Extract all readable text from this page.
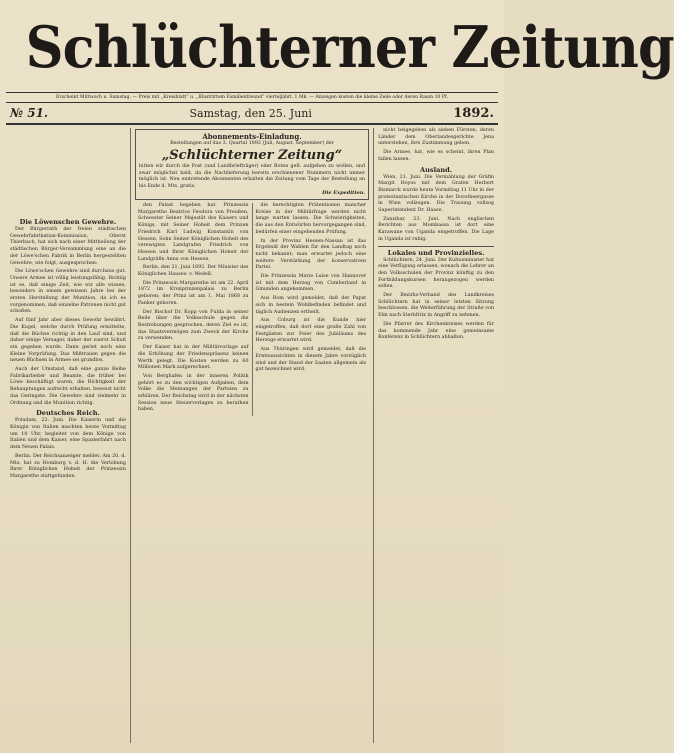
Schlüchterner Zeitung
Erscheint Mittwoch u. Samstag. — Preis mit „Kreisblatt“ u. „Illustrirtem Familienfreund“ vierteljährl. 1 Mk. — Anzeigen kosten die kleine Zeile oder deren Raum 10 Pf.
№ 51.	Samstag, den 25. Juni	1892.
Die Löwenschen Gewehre.

Der Bürgerrath der freien städtischen Gewehrfabrikation-Kommission, Oberst Thierbach, hat sich nach einer Mittheilung der städtischen Bürger-Versammlung eine an die der Löwe'schen Fabrik in Berlin hergestellten Gewehre, wie folgt, ausgesprochen:

Die Löwe'schen Gewehre sind durchaus gut. Unsere Armee ist völlig leistungsfähig. Richtig ist es, daß einige Zeit, wie wir alle wissen, besonders in einem gewissen Jahre bei der ersten Herstellung der Munition, da ich es vorgenommen, daß einzelne Patronen nicht gut schoßen.

Auf fünf Jahr aber dieses Gewehr bewährt. Die Kugel, welche durch Prüfung ermittelte, daß die Büchse richtig in den Lauf sind, und daher einige Versager, daher der zuerst Schuß ein gegeben wurde. Dann geriet noch eine Kleine Vorprüfung. Das Mißtrauen gegen die neuen Büchsen in Armee sei grundlos.

Auch der Umstand, daß eine ganze Reihe Fabrikarbeiter und Beamte, die früher bei Löwe beschäftigt waren, die Richtigkeit der Behauptungen aufrecht erhalten, beweist nicht das Geringste. Die Gewehre sind vielmehr in Ordnung und die Munition richtig.

Deutsches Reich.

Potsdam, 22. Juni. Die Kaiserin und die Königin von Italien machten heute Vormittag um 10 Uhr, begleitet von dem Könige von Italien und dem Kaiser, eine Spazierfahrt nach dem Neuen Palais.

Berlin. Der Reichsanzeiger meldet: Am 20. d. Mts. hat zu Homburg v. d. H. die Verlobung Ihrer Königlichen Hoheit der Prinzessin Margarethe stattgefunden.

Abonnements-Einladung.
Bestellungen auf das 3. Quartal 1892 (Juli, August, September) der
„Schlüchterner Zeitung“
bitten wir durch die Post (und Landbriefträger) oder Boten gefl. aufgeben zu wollen, und zwar möglichst bald, da die Nachlieferung bereits erschienener Nummern nicht immer möglich ist. Neu eintretende Abonnenten erhalten die Zeitung vom Tage der Bestellung an bis Ende d. Mts. gratis.
Die Expedition.

den Palast begeben hat. Prinzessin Margarethe Beatrice Feodora von Preußen, Schwester Seiner Majestät des Kaisers und Königs, mit Seiner Hoheit dem Prinzen Friedrich Karl Ludwig Konstantin von Hessen, Sohn Seiner Königlichen Hoheit des verewigten Landgrafen Friedrich von Hessen und Ihrer Königlichen Hoheit der Landgräfin Anna von Hessen.

Berlin, den 21. Juni 1892. Der Minister des Königlichen Hauses: v. Wedell.

Die Prinzessin Margarethe ist am 22. April 1872 im Kronprinzenpalais zu Berlin geboren; der Prinz ist am 1. Mai 1868 zu Panker geboren.

Der Bischof Dr. Kopp von Fulda in seiner Rede über die Volksschule gegen die Bestrebungen gesprochen, deren Ziel es ist, das Staatsvermögen zum Zweck der Kirche zu verwenden.

Der Kaiser hat in der Militärvorlage auf die Erhöhung der Friedenspräsenz keinen Werth gelegt. Die Kosten werden zu 60 Millionen Mark aufgerechnet.

Von Berghafen in der inneren Politik gehört es zu den wichtigen Aufgaben, dem Volke die Meinungen der Parteien zu erklären. Der Reichstag wird in der nächsten Session neue Steuervorlagen zu berathen haben.

die berechtigten Prätentionen mancher Kreise in der Militärfrage werden nicht lange warten lassen. Die Schwierigkeiten, die aus den Entwürfen hervorgegangen sind, bedürfen einer eingehenden Prüfung.

In der Provinz Hessen-Nassau ist das Ergebniß der Wahlen für den Landtag noch nicht bekannt; man erwartet jedoch eine weitere Verstärkung der konservativen Partei.

Die Prinzessin Marie Luise von Hannover ist mit dem Herzog von Cumberland in Gmunden angekommen.

Aus Rom wird gemeldet, daß der Papst sich in bestem Wohlbefinden befindet und täglich Audienzen ertheilt.

Aus Coburg ist die Kunde hier eingetroffen, daß dort eine große Zahl von Festgästen zur Feier des Jubiläums des Herzogs erwartet wird.

Aus Thüringen wird gemeldet, daß die Ernteaussichten in diesem Jahre vorzüglich sind und der Stand der Saaten allgemein als gut bezeichnet wird.

nicht beigegeben als sieben Fürsten, deren Länder dem Oberlandesgerichte Jena unterstehen, ihre Zustimmung geben.

Die Armee, hat, wie es scheint, ihren Plan fallen lassen.

Ausland.

Wien, 21. Juni. Die Vermählung der Gräfin Margit Hoyos mit dem Grafen Herbert Bismarck wurde heute Vormittag 11 Uhr in der protestantischen Kirche in der Dorotheergasse in Wien vollzogen. Die Trauung vollzog Superintendent Dr. Haase.

Zanzibar, 23. Juni. Nach englischen Berichten aus Mombassa ist dort eine Karawane von Uganda eingetroffen. Die Lage in Uganda ist ruhig.

Lokales und Provinzielles.

Schlüchtern, 24. Juni. Der Kultusminister hat eine Verfügung erlassen, wonach die Lehrer an den Volksschulen der Provinz künftig zu den Fortbildungskursen herangezogen werden sollen.

Der Bezirks-Verband des Landkreises Schlüchtern hat in seiner letzten Sitzung beschlossen, die Weiterführung der Straße von Elm nach Sterbfritz in Angriff zu nehmen.

Die Pfarrer des Kirchenkreises werden für das kommende Jahr eine gemeinsame Konferenz in Schlüchtern abhalten.
